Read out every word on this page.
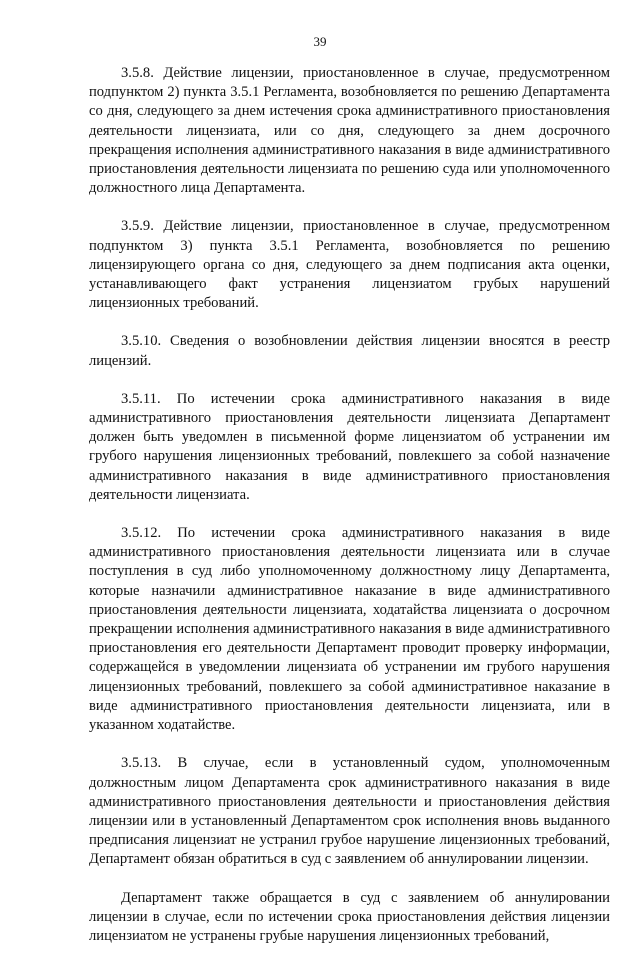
39

3.5.8. Действие лицензии, приостановленное в случае, предусмотренном подпунктом 2) пункта 3.5.1 Регламента, возобновляется по решению Департамента со дня, следующего за днем истечения срока административного приостановления деятельности лицензиата, или со дня, следующего за днем досрочного прекращения исполнения административного наказания в виде административного приостановления деятельности лицензиата по решению суда или уполномоченного должностного лица Департамента.

3.5.9. Действие лицензии, приостановленное в случае, предусмотренном подпунктом 3) пункта 3.5.1 Регламента, возобновляется по решению лицензирующего органа со дня, следующего за днем подписания акта оценки, устанавливающего факт устранения лицензиатом грубых нарушений лицензионных требований.

3.5.10. Сведения о возобновлении действия лицензии вносятся в реестр лицензий.

3.5.11. По истечении срока административного наказания в виде административного приостановления деятельности лицензиата Департамент должен быть уведомлен в письменной форме лицензиатом об устранении им грубого нарушения лицензионных требований, повлекшего за собой назначение административного наказания в виде административного приостановления деятельности лицензиата.

3.5.12. По истечении срока административного наказания в виде административного приостановления деятельности лицензиата или в случае поступления в суд либо уполномоченному должностному лицу Департамента, которые назначили административное наказание в виде административного приостановления деятельности лицензиата, ходатайства лицензиата о досрочном прекращении исполнения административного наказания в виде административного приостановления его деятельности Департамент проводит проверку информации, содержащейся в уведомлении лицензиата об устранении им грубого нарушения лицензионных требований, повлекшего за собой административное наказание в виде административного приостановления деятельности лицензиата, или в указанном ходатайстве.

3.5.13. В случае, если в установленный судом, уполномоченным должностным лицом Департамента срок административного наказания в виде административного приостановления деятельности и приостановления действия лицензии или в установленный Департаментом срок исполнения вновь выданного предписания лицензиат не устранил грубое нарушение лицензионных требований, Департамент обязан обратиться в суд с заявлением об аннулировании лицензии.

Департамент также обращается в суд с заявлением об аннулировании лицензии в случае, если по истечении срока приостановления действия лицензии лицензиатом не устранены грубые нарушения лицензионных требований,
